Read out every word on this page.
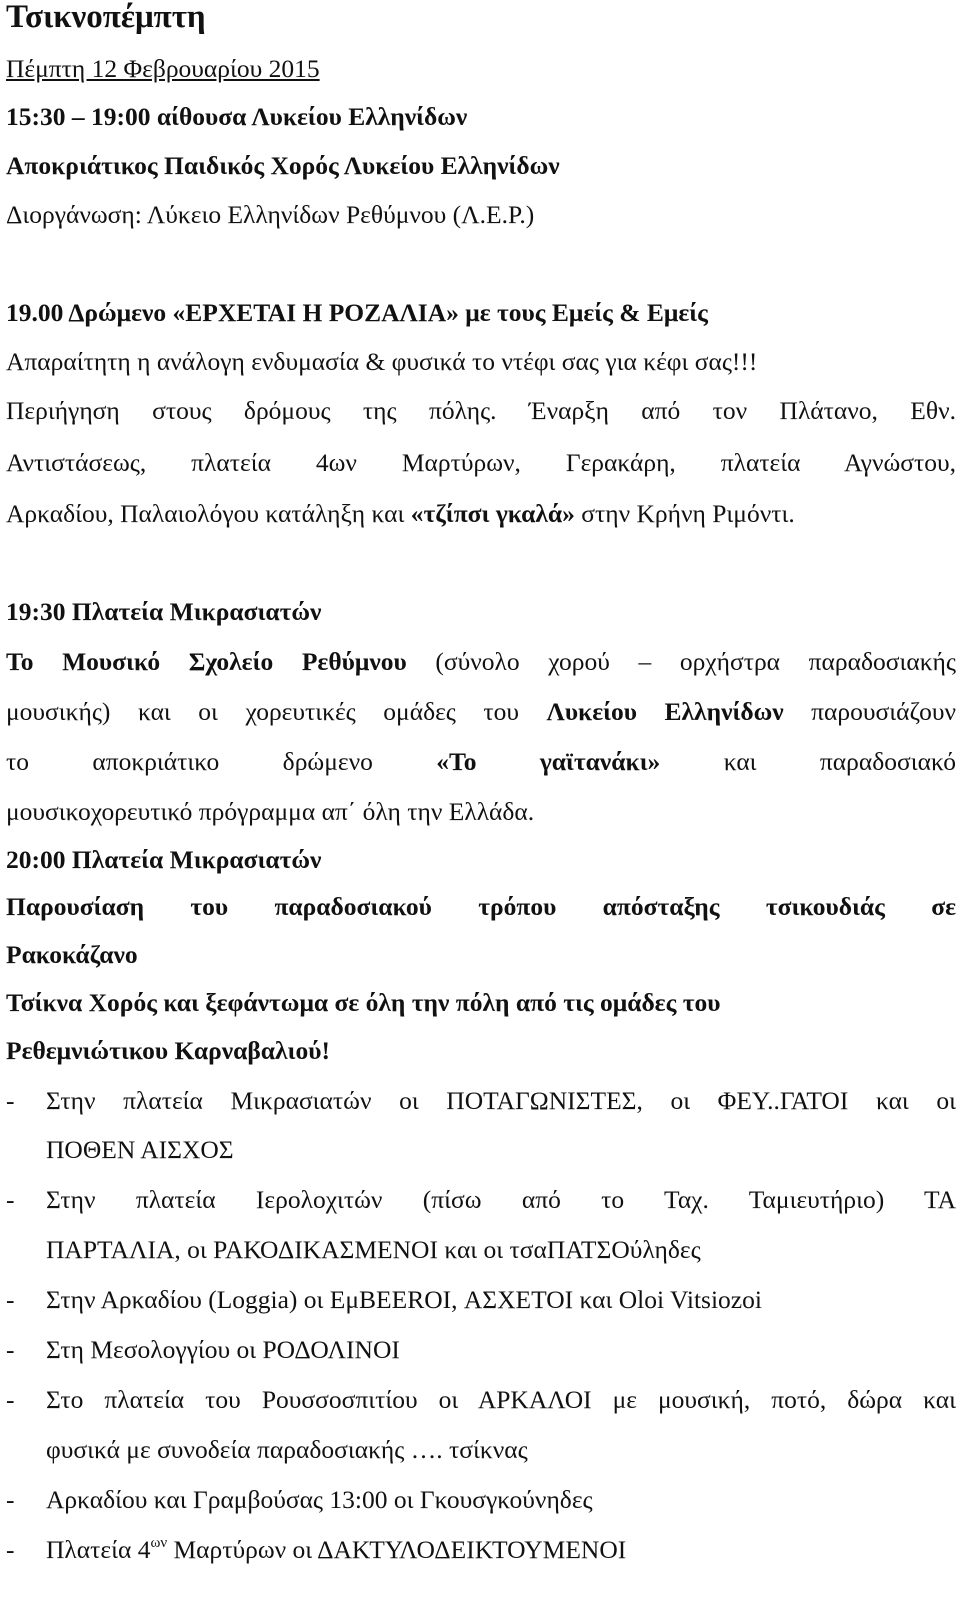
Τσικνοπέμπτη
Πέμπτη 12 Φεβρουαρίου 2015
15:30 – 19:00 αίθουσα Λυκείου Ελληνίδων
Αποκριάτικος Παιδικός Χορός Λυκείου Ελληνίδων
Διοργάνωση: Λύκειο Ελληνίδων Ρεθύμνου (Λ.Ε.Ρ.)
19.00 Δρώμενο «ΕΡΧΕΤΑΙ Η ΡΟΖΑΛΙΑ» με τους Εμείς & Εμείς
Απαραίτητη η ανάλογη ενδυμασία & φυσικά το ντέφι σας για κέφι σας!!!
Περιήγηση στους δρόμους της πόλης. Έναρξη από τον Πλάτανο, Εθν.
Αντιστάσεως, πλατεία 4ων Μαρτύρων, Γερακάρη, πλατεία Αγνώστου,
Αρκαδίου, Παλαιολόγου κατάληξη και «τζίπσι γκαλά» στην Κρήνη Ριμόντι.
19:30 Πλατεία Μικρασιατών
Το Μουσικό Σχολείο Ρεθύμνου (σύνολο χορού – ορχήστρα παραδοσιακής
μουσικής) και οι χορευτικές ομάδες του Λυκείου Ελληνίδων παρουσιάζουν
το αποκριάτικο δρώμενο «Το γαϊτανάκι» και παραδοσιακό
μουσικοχορευτικό πρόγραμμα απ΄ όλη την Ελλάδα.
20:00 Πλατεία Μικρασιατών
Παρουσίαση του παραδοσιακού τρόπου απόσταξης τσικουδιάς σε
Ρακοκάζανο
Τσίκνα Χορός και ξεφάντωμα σε όλη την πόλη από τις ομάδες του
Ρεθεμνιώτικου Καρναβαλιού!
-	Στην πλατεία Μικρασιατών οι ΠΟΤΑΓΩΝΙΣΤΕΣ, οι ΦΕΥ..ΓΑΤΟΙ και οι
ΠΟΘΕΝ ΑΙΣΧΟΣ
-	Στην πλατεία Ιερολοχιτών (πίσω από το Ταχ. Ταμιευτήριο) ΤΑ
ΠΑΡΤΑΛΙΑ, οι ΡΑΚΟΔΙΚΑΣΜΕΝΟΙ και οι τσαΠΑΤΣΟύληδες
-	Στην Αρκαδίου (Loggia) οι ΕμBEEROI, ΑΣΧΕΤΟΙ και Oloi Vitsiozoi
-	Στη Μεσολογγίου οι ΡΟΔΟΛΙΝΟΙ
-	Στο πλατεία του Ρουσσοσπιτίου οι ΑΡΚΑΛΟΙ με μουσική, ποτό, δώρα και
φυσικά με συνοδεία παραδοσιακής …. τσίκνας
-	Αρκαδίου και Γραμβούσας 13:00 οι Γκουσγκούνηδες
-	Πλατεία $4^{\omega\nu}$ Μαρτύρων οι ΔΑΚΤΥΛΟΔΕΙΚΤΟΥΜΕΝΟΙ
